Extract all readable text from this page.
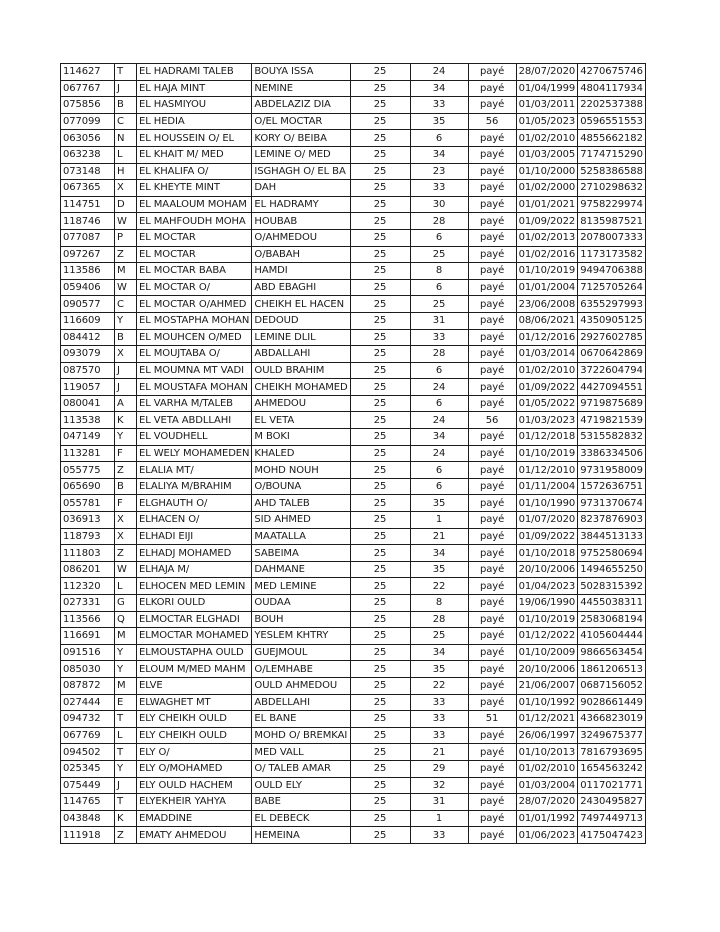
114627	T	EL HADRAMI TALEB	BOUYA ISSA	25	24	payé	28/07/2020	4270675746
067767	J	EL HAJA MINT	NEMINE	25	34	payé	01/04/1999	4804117934
075856	B	EL HASMIYOU	ABDELAZIZ DIA	25	33	payé	01/03/2011	2202537388
077099	C	EL HEDIA	O/EL MOCTAR	25	35	56	01/05/2023	0596551553
063056	N	EL HOUSSEIN O/ EL	KORY O/ BEIBA	25	6	payé	01/02/2010	4855662182
063238	L	EL KHAIT M/ MED	LEMINE O/ MED	25	34	payé	01/03/2005	7174715290
073148	H	EL KHALIFA O/	ISGHAGH O/ EL BA	25	23	payé	01/10/2000	5258386588
067365	X	EL KHEYTE MINT	DAH	25	33	payé	01/02/2000	2710298632
114751	D	EL MAALOUM MOHAM	EL HADRAMY	25	30	payé	01/01/2021	9758229974
118746	W	EL MAHFOUDH MOHA	HOUBAB	25	28	payé	01/09/2022	8135987521
077087	P	EL MOCTAR	O/AHMEDOU	25	6	payé	01/02/2013	2078007333
097267	Z	EL MOCTAR	O/BABAH	25	25	payé	01/02/2016	1173173582
113586	M	EL MOCTAR BABA	HAMDI	25	8	payé	01/10/2019	9494706388
059406	W	EL MOCTAR O/	ABD EBAGHI	25	6	payé	01/01/2004	7125705264
090577	C	EL MOCTAR O/AHMED	CHEIKH EL HACEN	25	25	payé	23/06/2008	6355297993
116609	Y	EL MOSTAPHA MOHAN	DEDOUD	25	31	payé	08/06/2021	4350905125
084412	B	EL MOUHCEN O/MED	LEMINE DLIL	25	33	payé	01/12/2016	2927602785
093079	X	EL MOUJTABA O/	ABDALLAHI	25	28	payé	01/03/2014	0670642869
087570	J	EL MOUMNA MT VADI	OULD BRAHIM	25	6	payé	01/02/2010	3722604794
119057	J	EL MOUSTAFA MOHAN	CHEIKH MOHAMED	25	24	payé	01/09/2022	4427094551
080041	A	EL VARHA M/TALEB	AHMEDOU	25	6	payé	01/05/2022	9719875689
113538	K	EL VETA ABDLLAHI	EL VETA	25	24	56	01/03/2023	4719821539
047149	Y	EL VOUDHELL	M BOKI	25	34	payé	01/12/2018	5315582832
113281	F	EL WELY MOHAMEDEN	KHALED	25	24	payé	01/10/2019	3386334506
055775	Z	ELALIA MT/	MOHD NOUH	25	6	payé	01/12/2010	9731958009
065690	B	ELALIYA M/BRAHIM	O/BOUNA	25	6	payé	01/11/2004	1572636751
055781	F	ELGHAUTH O/	AHD TALEB	25	35	payé	01/10/1990	9731370674
036913	X	ELHACEN O/	SID AHMED	25	1	payé	01/07/2020	8237876903
118793	X	ELHADI EIJI	MAATALLA	25	21	payé	01/09/2022	3844513133
111803	Z	ELHADJ MOHAMED	SABEIMA	25	34	payé	01/10/2018	9752580694
086201	W	ELHAJA M/	DAHMANE	25	35	payé	20/10/2006	1494655250
112320	L	ELHOCEN MED LEMIN	MED LEMINE	25	22	payé	01/04/2023	5028315392
027331	G	ELKORI OULD	OUDAA	25	8	payé	19/06/1990	4455038311
113566	Q	ELMOCTAR ELGHADI	BOUH	25	28	payé	01/10/2019	2583068194
116691	M	ELMOCTAR MOHAMED	YESLEM KHTRY	25	25	payé	01/12/2022	4105604444
091516	Y	ELMOUSTAPHA OULD	GUEJMOUL	25	34	payé	01/10/2009	9866563454
085030	Y	ELOUM M/MED MAHM	O/LEMHABE	25	35	payé	20/10/2006	1861206513
087872	M	ELVE	OULD AHMEDOU	25	22	payé	21/06/2007	0687156052
027444	E	ELWAGHET MT	ABDELLAHI	25	33	payé	01/10/1992	9028661449
094732	T	ELY CHEIKH OULD	EL BANE	25	33	51	01/12/2021	4366823019
067769	L	ELY CHEIKH OULD	MOHD O/ BREMKAI	25	33	payé	26/06/1997	3249675377
094502	T	ELY O/	MED VALL	25	21	payé	01/10/2013	7816793695
025345	Y	ELY O/MOHAMED	O/ TALEB AMAR	25	29	payé	01/02/2010	1654563242
075449	J	ELY OULD HACHEM	OULD ELY	25	32	payé	01/03/2004	0117021771
114765	T	ELYEKHEIR YAHYA	BABE	25	31	payé	28/07/2020	2430495827
043848	K	EMADDINE	EL DEBECK	25	1	payé	01/01/1992	7497449713
111918	Z	EMATY AHMEDOU	HEMEINA	25	33	payé	01/06/2023	4175047423
